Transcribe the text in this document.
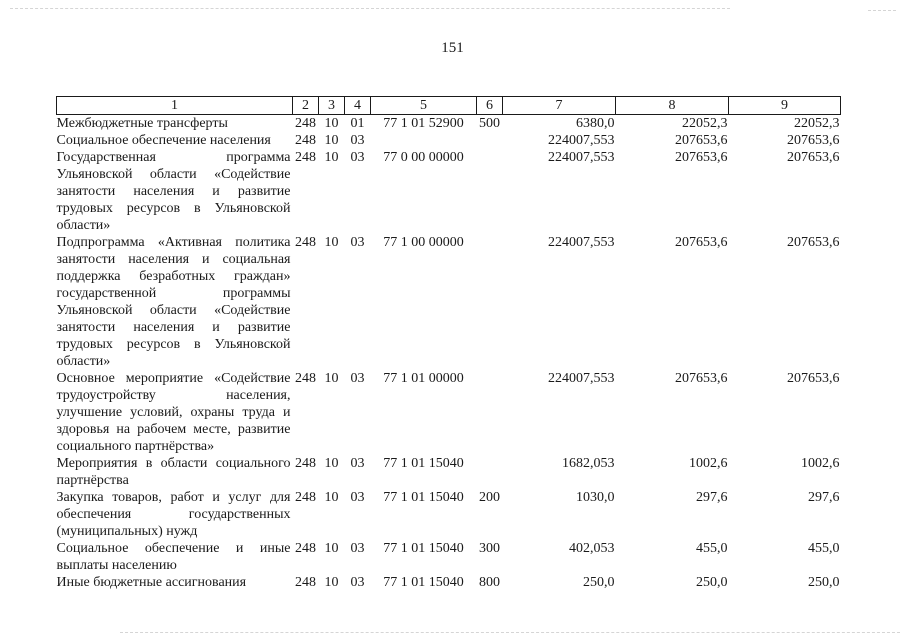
151
1	2	3	4	5	6	7	8	9
Межбюджетные трансферты	248	10	01	77 1 01 52900	500	6380,0	22052,3	22052,3
Социальное обеспечение населения	248	10	03			224007,553	207653,6	207653,6
Государственная программа Ульяновской области «Содействие занятости населения и развитие трудовых ресурсов в Ульяновской области»	248	10	03	77 0 00 00000		224007,553	207653,6	207653,6
Подпрограмма «Активная политика занятости населения и социальная поддержка безработных граждан» государственной программы Ульяновской области «Содействие занятости населения и развитие трудовых ресурсов в Ульяновской области»	248	10	03	77 1 00 00000		224007,553	207653,6	207653,6
Основное мероприятие «Содействие трудоустройству населения, улучшение условий, охраны труда и здоровья на рабочем месте, развитие социального партнёрства»	248	10	03	77 1 01 00000		224007,553	207653,6	207653,6
Мероприятия в области социального партнёрства	248	10	03	77 1 01 15040		1682,053	1002,6	1002,6
Закупка товаров, работ и услуг для обеспечения государственных (муниципальных) нужд	248	10	03	77 1 01 15040	200	1030,0	297,6	297,6
Социальное обеспечение и иные выплаты населению	248	10	03	77 1 01 15040	300	402,053	455,0	455,0
Иные бюджетные ассигнования	248	10	03	77 1 01 15040	800	250,0	250,0	250,0
